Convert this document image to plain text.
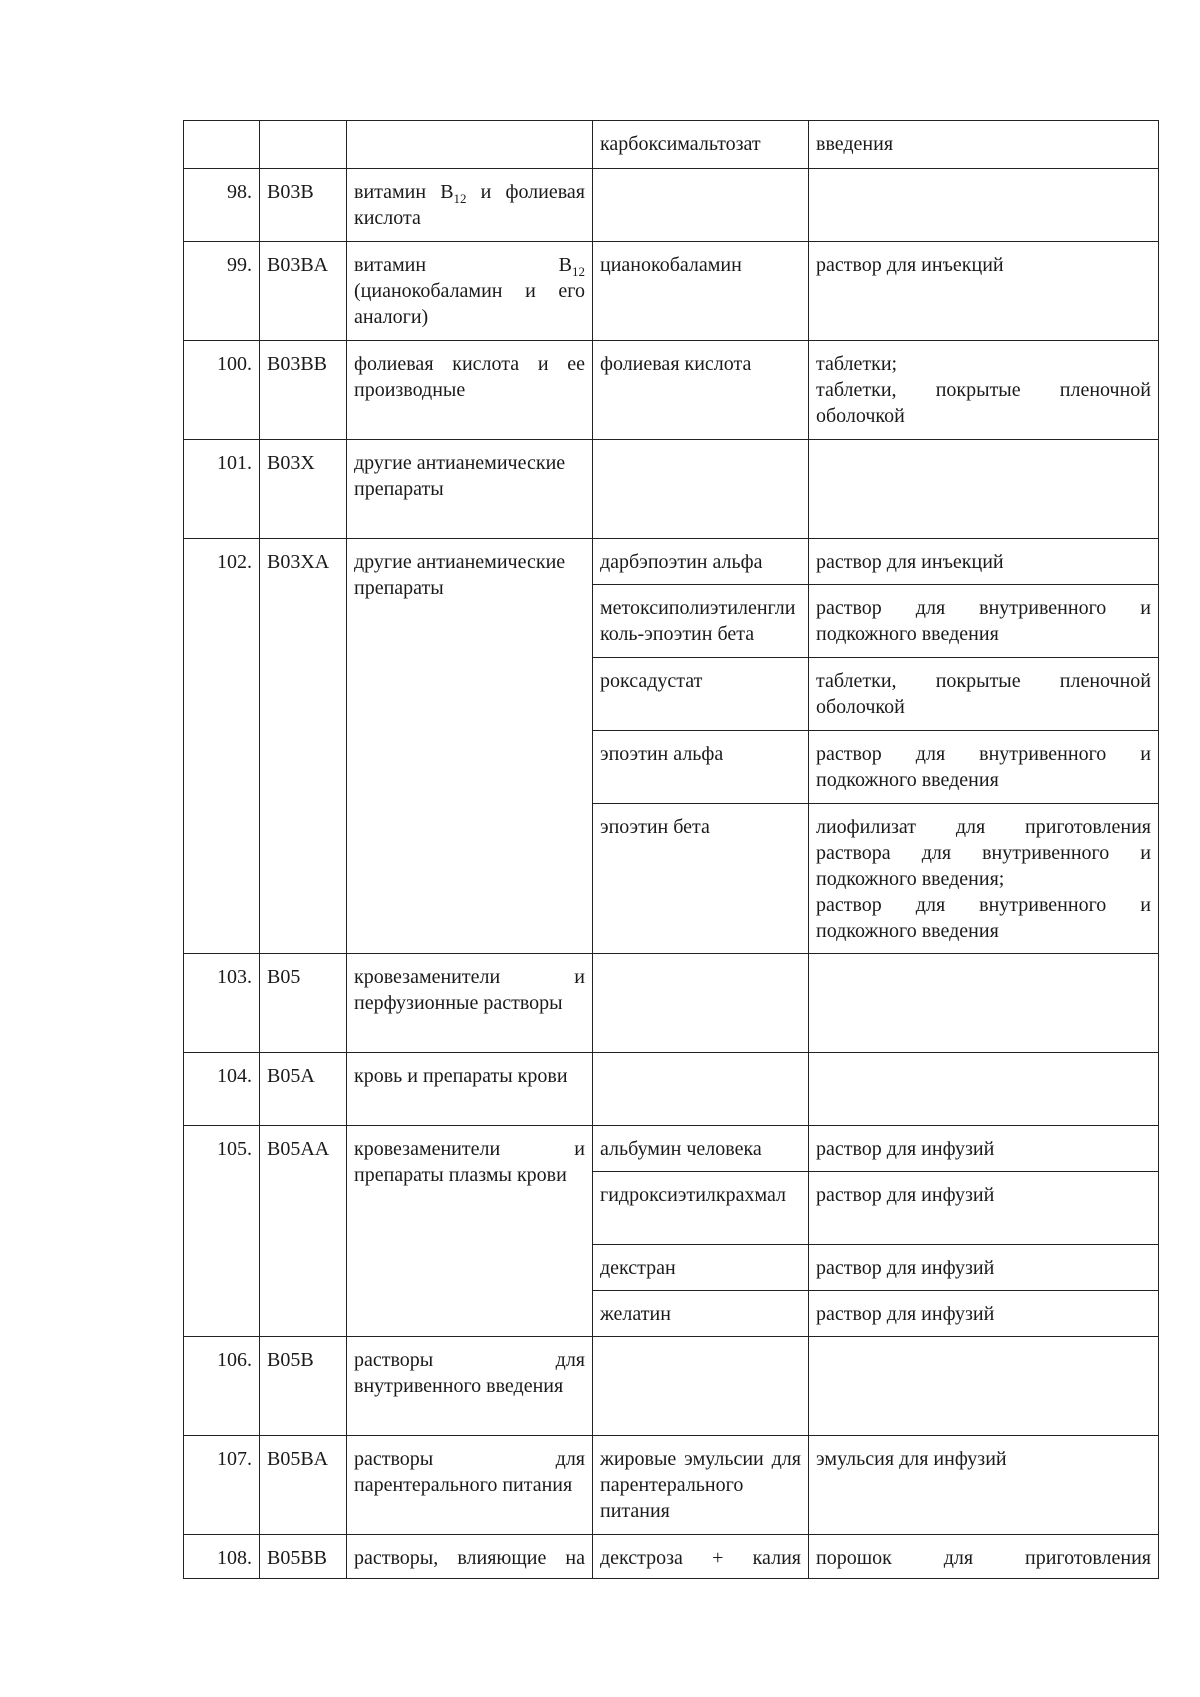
			карбоксимальтозат	введения
98.	B03B	витамин $B_{12}$ и фолиевая кислота		
99.	B03BA	витамин $B_{12}$ (цианокобаламин и его аналоги)	цианокобаламин	раствор для инъекций
100.	B03BB	фолиевая кислота и ее производные	фолиевая кислота	таблетки;
таблетки, покрытые пленочной
оболочкой

101.	B03X	другие антианемические препараты		
102.	B03XA	другие антианемические препараты	дарбэпоэтин альфа	раствор для инъекций

			метоксиполиэтиленгликоль-эпоэтин бета	раствор для внутривенного и
подкожного введения

			роксадустат	таблетки, покрытые пленочной
оболочкой

			эпоэтин альфа	раствор для внутривенного и
подкожного введения

			эпоэтин бета	лиофилизат для приготовления
раствора для внутривенного и
подкожного введения;
раствор для внутривенного и
подкожного введения

103.	B05	кровезаменители и перфузионные растворы		
104.	B05A	кровь и препараты крови		
105.	B05AA	кровезаменители и препараты плазмы крови	альбумин человека	раствор для инфузий

			гидроксиэтилкрахмал	раствор для инфузий

			декстран	раствор для инфузий

			желатин	раствор для инфузий

106.	B05B	растворы для внутривенного введения		
107.	B05BA	растворы для парентерального питания	жировые эмульсии для парентерального питания	эмульсия для инфузий
108.	B05BB	растворы, влияющие на	декстроза + калия	порошок для приготовления
